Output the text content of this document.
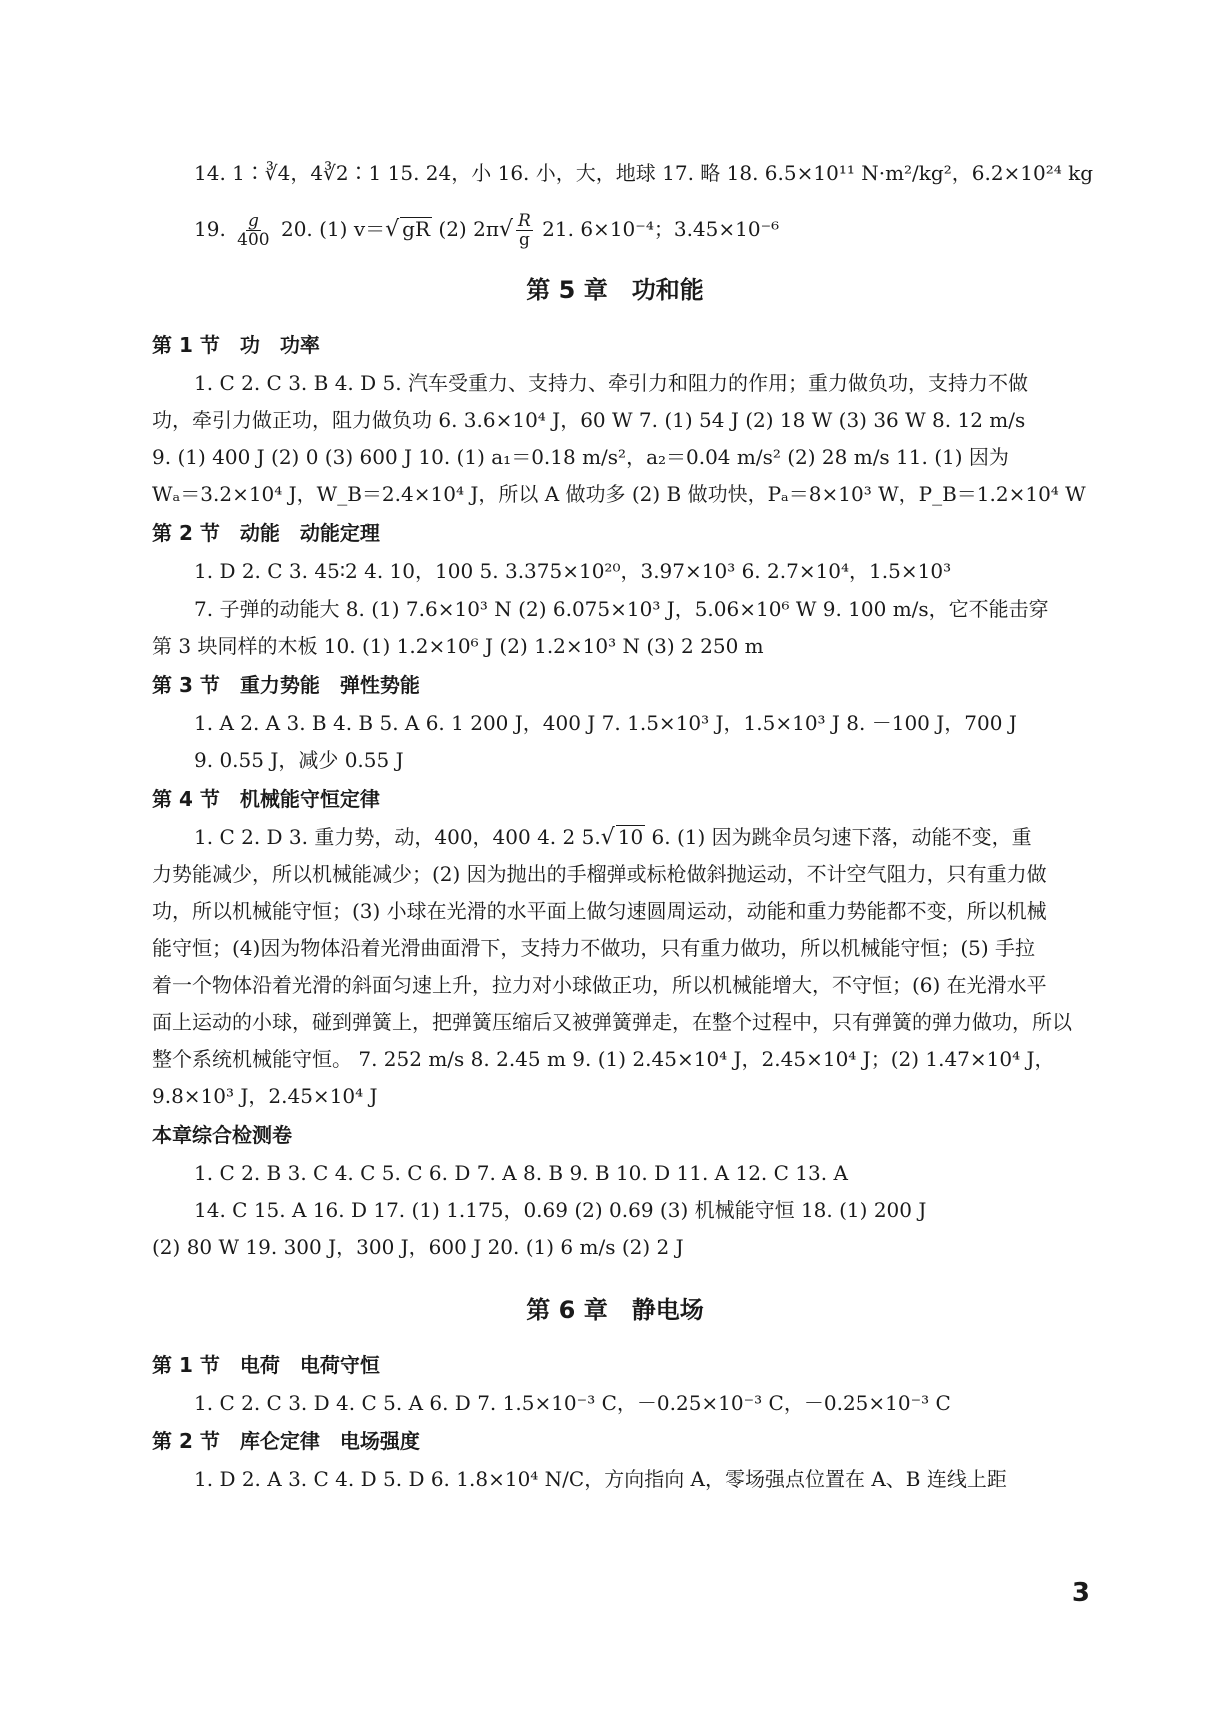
14. 1∶∛4，4∛2∶1 15. 24，小 16. 小，大，地球 17. 略 18. 6.5×10¹¹ N·m²/kg²，6.2×10²⁴ kg
19. $\frac{g}{400} 20$. (1) v＝√ gR (2) $2\pi√ \frac{R}{g} 21$. 6×10⁻⁴；3.45×10⁻⁶
第 5 章　功和能
第 1 节　功　功率
1. C 2. C 3. B 4. D 5. 汽车受重力、支持力、牵引力和阻力的作用；重力做负功，支持力不做
功，牵引力做正功，阻力做负功 6. 3.6×10⁴ J，60 W 7. (1) 54 J (2) 18 W (3) 36 W 8. 12 m/s
9. (1) 400 J (2) 0 (3) 600 J 10. (1) a₁＝0.18 m/s²，a₂＝0.04 m/s² (2) 28 m/s 11. (1) 因为
Wₐ＝3.2×10⁴ J，W_B＝2.4×10⁴ J，所以 A 做功多 (2) B 做功快，Pₐ＝8×10³ W，P_B＝1.2×10⁴ W
第 2 节　动能　动能定理
1. D 2. C 3. 45∶2 4. 10，100 5. 3.375×10²⁰，3.97×10³ 6. 2.7×10⁴，1.5×10³
7. 子弹的动能大 8. (1) 7.6×10³ N (2) 6.075×10³ J，5.06×10⁶ W 9. 100 m/s，它不能击穿
第 3 块同样的木板 10. (1) 1.2×10⁶ J (2) 1.2×10³ N (3) 2 250 m
第 3 节　重力势能　弹性势能
1. A 2. A 3. B 4. B 5. A 6. 1 200 J，400 J 7. 1.5×10³ J，1.5×10³ J 8. －100 J，700 J
9. 0.55 J，减少 0.55 J
第 4 节　机械能守恒定律
1. C 2. D 3. 重力势，动，400，400 4. 2 5.√ 10 6. (1) 因为跳伞员匀速下落，动能不变，重
力势能减少，所以机械能减少；(2) 因为抛出的手榴弹或标枪做斜抛运动，不计空气阻力，只有重力做
功，所以机械能守恒；(3) 小球在光滑的水平面上做匀速圆周运动，动能和重力势能都不变，所以机械
能守恒；(4)因为物体沿着光滑曲面滑下，支持力不做功，只有重力做功，所以机械能守恒；(5) 手拉
着一个物体沿着光滑的斜面匀速上升，拉力对小球做正功，所以机械能增大，不守恒；(6) 在光滑水平
面上运动的小球，碰到弹簧上，把弹簧压缩后又被弹簧弹走，在整个过程中，只有弹簧的弹力做功，所以
整个系统机械能守恒。 7. 252 m/s 8. 2.45 m 9. (1) 2.45×10⁴ J，2.45×10⁴ J；(2) 1.47×10⁴ J，
9.8×10³ J，2.45×10⁴ J
本章综合检测卷
1. C 2. B 3. C 4. C 5. C 6. D 7. A 8. B 9. B 10. D 11. A 12. C 13. A
14. C 15. A 16. D 17. (1) 1.175，0.69 (2) 0.69 (3) 机械能守恒 18. (1) 200 J
(2) 80 W 19. 300 J，300 J，600 J 20. (1) 6 m/s (2) 2 J
第 6 章　静电场
第 1 节　电荷　电荷守恒
1. C 2. C 3. D 4. C 5. A 6. D 7. 1.5×10⁻³ C，－0.25×10⁻³ C，－0.25×10⁻³ C
第 2 节　库仑定律　电场强度
1. D 2. A 3. C 4. D 5. D 6. 1.8×10⁴ N/C，方向指向 A，零场强点位置在 A、B 连线上距
3
